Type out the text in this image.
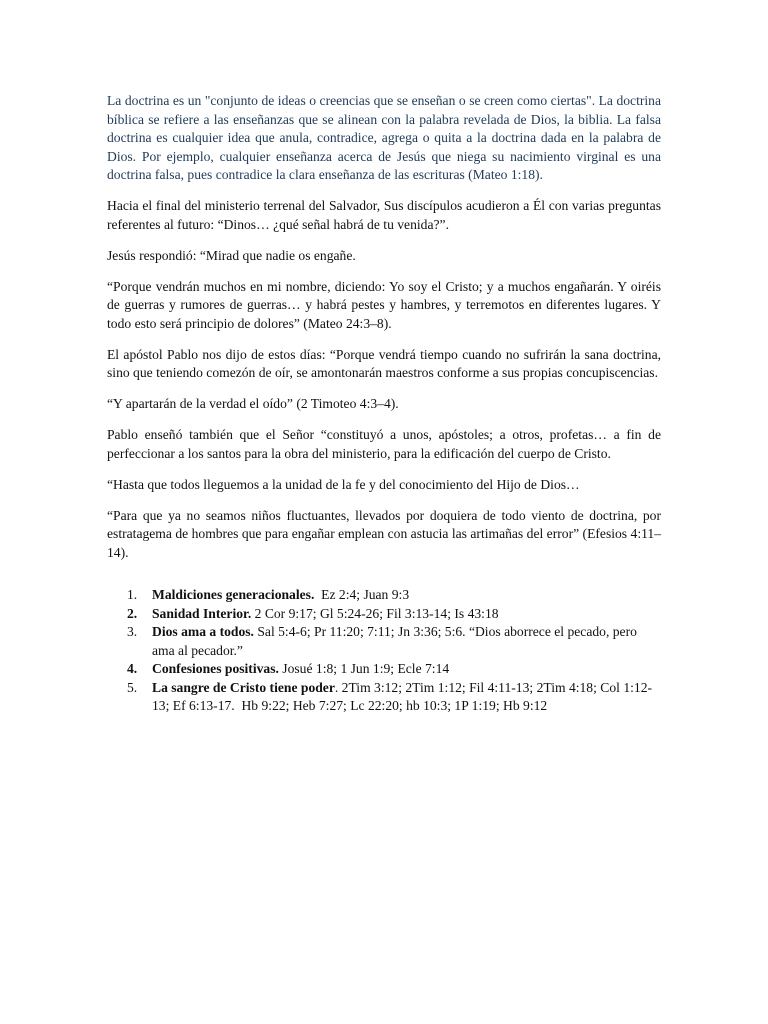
La doctrina es un "conjunto de ideas o creencias que se enseñan o se creen como ciertas". La doctrina bíblica se refiere a las enseñanzas que se alinean con la palabra revelada de Dios, la biblia. La falsa doctrina es cualquier idea que anula, contradice, agrega o quita a la doctrina dada en la palabra de Dios. Por ejemplo, cualquier enseñanza acerca de Jesús que niega su nacimiento virginal es una doctrina falsa, pues contradice la clara enseñanza de las escrituras (Mateo 1:18).

Hacia el final del ministerio terrenal del Salvador, Sus discípulos acudieron a Él con varias preguntas referentes al futuro: “Dinos… ¿qué señal habrá de tu venida?”.

Jesús respondió: “Mirad que nadie os engañe.

“Porque vendrán muchos en mi nombre, diciendo: Yo soy el Cristo; y a muchos engañarán. Y oiréis de guerras y rumores de guerras… y habrá pestes y hambres, y terremotos en diferentes lugares. Y todo esto será principio de dolores” (Mateo 24:3–8).

El apóstol Pablo nos dijo de estos días: “Porque vendrá tiempo cuando no sufrirán la sana doctrina, sino que teniendo comezón de oír, se amontonarán maestros conforme a sus propias concupiscencias.

“Y apartarán de la verdad el oído” (2 Timoteo 4:3–4).

Pablo enseñó también que el Señor “constituyó a unos, apóstoles; a otros, profetas… a fin de perfeccionar a los santos para la obra del ministerio, para la edificación del cuerpo de Cristo.

“Hasta que todos lleguemos a la unidad de la fe y del conocimiento del Hijo de Dios…

“Para que ya no seamos niños fluctuantes, llevados por doquiera de todo viento de doctrina, por estratagema de hombres que para engañar emplean con astucia las artimañas del error” (Efesios 4:11–14).

1. Maldiciones generacionales.  Ez 2:4; Juan 9:3
2. Sanidad Interior. 2 Cor 9:17; Gl 5:24-26; Fil 3:13-14; Is 43:18
3. Dios ama a todos. Sal 5:4-6; Pr 11:20; 7:11; Jn 3:36; 5:6. “Dios aborrece el pecado, pero ama al pecador.”
4. Confesiones positivas. Josué 1:8; 1 Jun 1:9; Ecle 7:14
5. La sangre de Cristo tiene poder. 2Tim 3:12; 2Tim 1:12; Fil 4:11-13; 2Tim 4:18; Col 1:12-13; Ef 6:13-17.  Hb 9:22; Heb 7:27; Lc 22:20; hb 10:3; 1P 1:19; Hb 9:12
